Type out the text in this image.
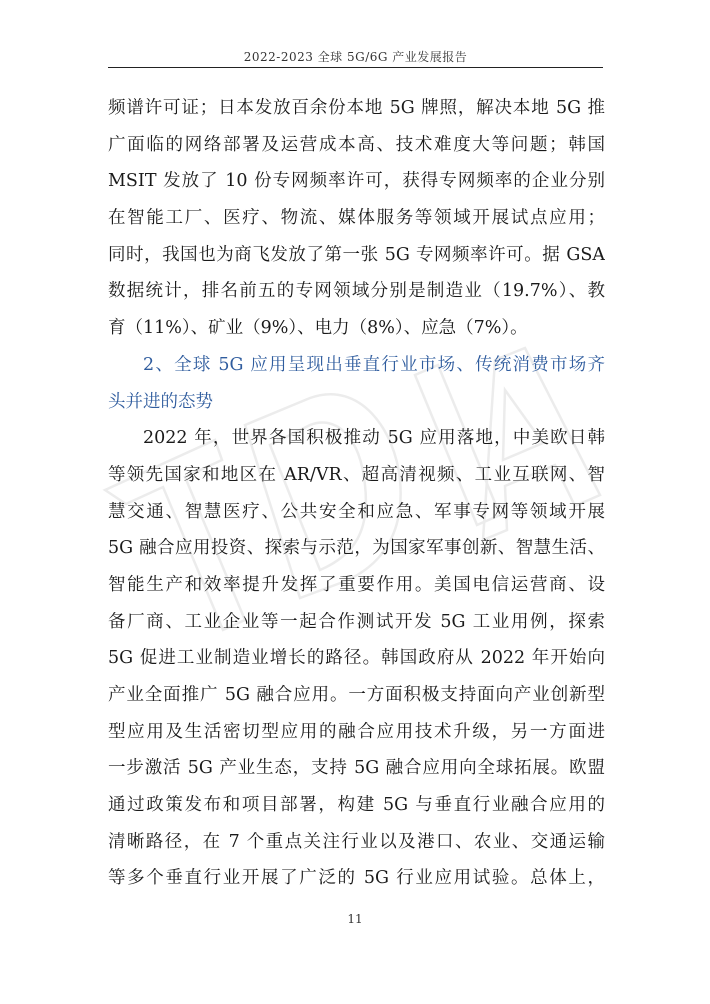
2022-2023 全球 5G/6G 产业发展报告
频谱许可证；日本发放百余份本地 5G 牌照，解决本地 5G 推
广面临的网络部署及运营成本高、技术难度大等问题；韩国
MSIT 发放了 10 份专网频率许可，获得专网频率的企业分别
在智能工厂、医疗、物流、媒体服务等领域开展试点应用；
同时，我国也为商飞发放了第一张 5G 专网频率许可。据 GSA
数据统计，排名前五的专网领域分别是制造业（19.7%）、教
育（11%）、矿业（9%）、电力（8%）、应急（7%）。
2、全球 5G 应用呈现出垂直行业市场、传统消费市场齐
头并进的态势
2022 年，世界各国积极推动 5G 应用落地，中美欧日韩
等领先国家和地区在 AR/VR、超高清视频、工业互联网、智
慧交通、智慧医疗、公共安全和应急、军事专网等领域开展
5G 融合应用投资、探索与示范，为国家军事创新、智慧生活、
智能生产和效率提升发挥了重要作用。美国电信运营商、设
备厂商、工业企业等一起合作测试开发 5G 工业用例，探索
5G 促进工业制造业增长的路径。韩国政府从 2022 年开始向
产业全面推广 5G 融合应用。一方面积极支持面向产业创新型
型应用及生活密切型应用的融合应用技术升级，另一方面进
一步激活 5G 产业生态，支持 5G 融合应用向全球拓展。欧盟
通过政策发布和项目部署，构建 5G 与垂直行业融合应用的
清晰路径，在 7 个重点关注行业以及港口、农业、交通运输
等多个垂直行业开展了广泛的 5G 行业应用试验。总体上，
11
